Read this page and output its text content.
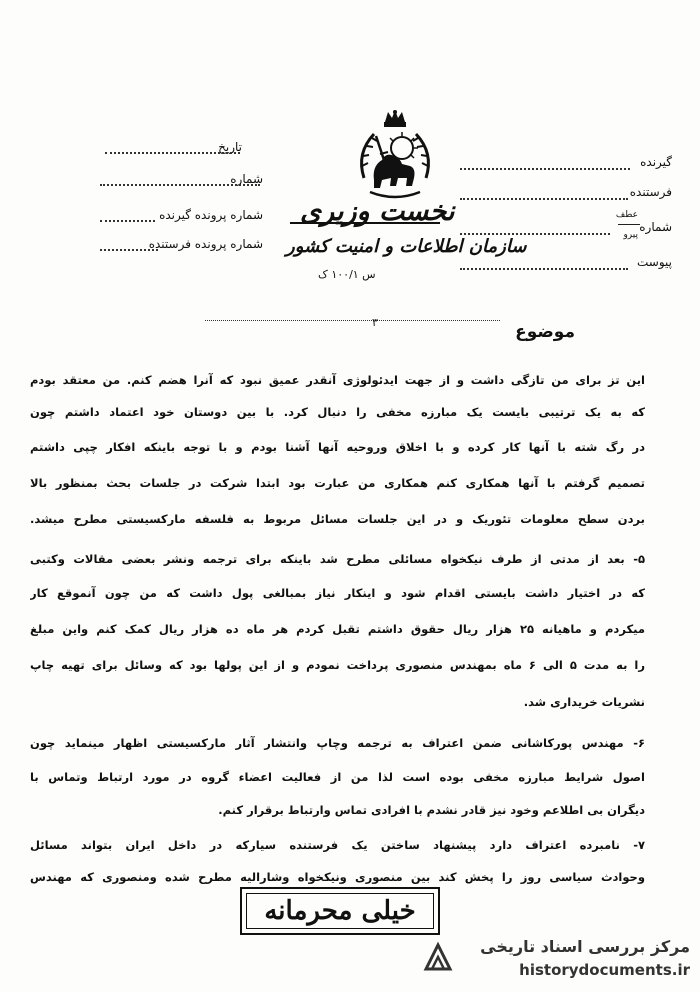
گیرنده
فرستنده
شماره
عطف
پیرو
پیوست
تاریخ
شماره
شماره پرونده گیرنده
شماره پرونده فرستنده
نخست وزیری
سازمان اطلاعات و امنیت کشور
س ۱۰۰/۱ ک
۳	موضوع
این تز برای من تازگی داشت و از جهت ایدئولوژی آنقدر عمیق نبود که آنرا هضم کنم. من معتقد بودم
که به یک ترتیبی بایست یک مبارزه مخفی را دنبال کرد. با بین دوستان خود اعتماد داشتم چون
در رگ شته با آنها کار کرده و با اخلاق وروحیه آنها آشنا بودم و با توجه باینکه افکار چپی داشتم
تصمیم گرفتم با آنها همکاری کنم همکاری من عبارت بود ابتدا شرکت در جلسات بحث بمنظور بالا
بردن سطح معلومات تئوریک و در این جلسات مسائل مربوط به فلسفه مارکسیستی مطرح میشد.
۵- بعد از مدتی از طرف نیکخواه مسائلی مطرح شد باینکه برای ترجمه ونشر بعضی مقالات وکتبی
که در اختیار داشت بایستی اقدام شود و اینکار نیاز بمبالغی پول داشت که من چون آنموقع کار
میکردم و ماهیانه ۲۵ هزار ریال حقوق داشتم تقبل کردم هر ماه ده هزار ریال کمک کنم واین مبلغ
را به مدت ۵ الی ۶ ماه بمهندس منصوری پرداخت نمودم و از این پولها بود که وسائل برای تهیه چاپ
نشریات خریداری شد.
۶- مهندس پورکاشانی ضمن اعتراف به ترجمه وچاپ وانتشار آثار مارکسیستی اظهار مینماید چون
اصول شرایط مبارزه مخفی بوده است لذا من از فعالیت اعضاء گروه در مورد ارتباط وتماس با
دیگران بی اطلاعم وخود نیز قادر نشدم با افرادی تماس وارتباط برقرار کنم.
۷- نامبرده اعتراف دارد پیشنهاد ساختن یک فرستنده سیارکه در داخل ایران بتواند مسائل
وحوادث سیاسی روز را پخش کند بین منصوری ونیکخواه وشارالیه مطرح شده ومنصوری که مهندس
خیلی محرمانه
مرکز بررسی اسناد تاریخی
historydocuments.ir
